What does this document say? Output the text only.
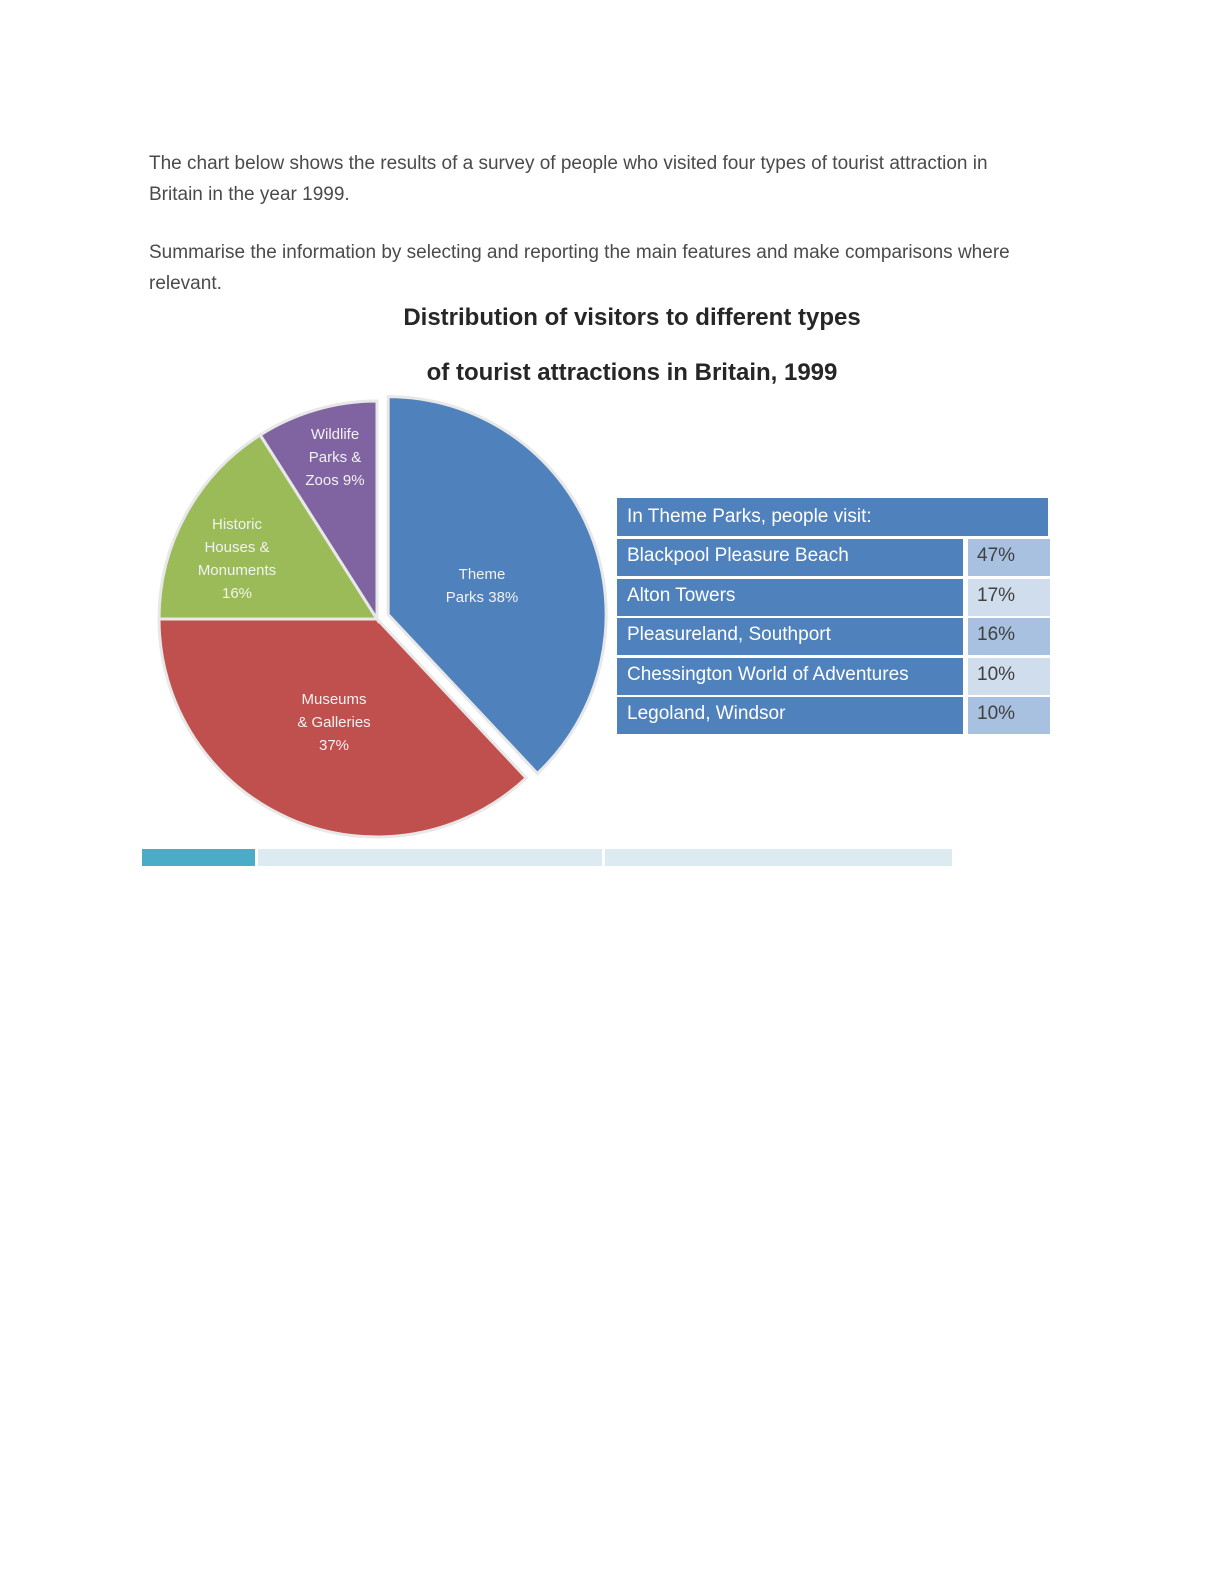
The chart below shows the results of a survey of people who visited four types of tourist attraction in Britain in the year 1999.

Summarise the information by selecting and reporting the main features and make comparisons where relevant.

Theme Parks 38%
Museums & Galleries 37%
Historic Houses & Monuments 16%
Wildlife Parks & Zoos 9%

Distribution of visitors to different types

of tourist attractions in Britain, 1999

In Theme Parks, people visit:
Blackpool Pleasure Beach	47%
Alton Towers	17%
Pleasureland, Southport	16%
Chessington World of Adventures	10%
Legoland, Windsor	10%
